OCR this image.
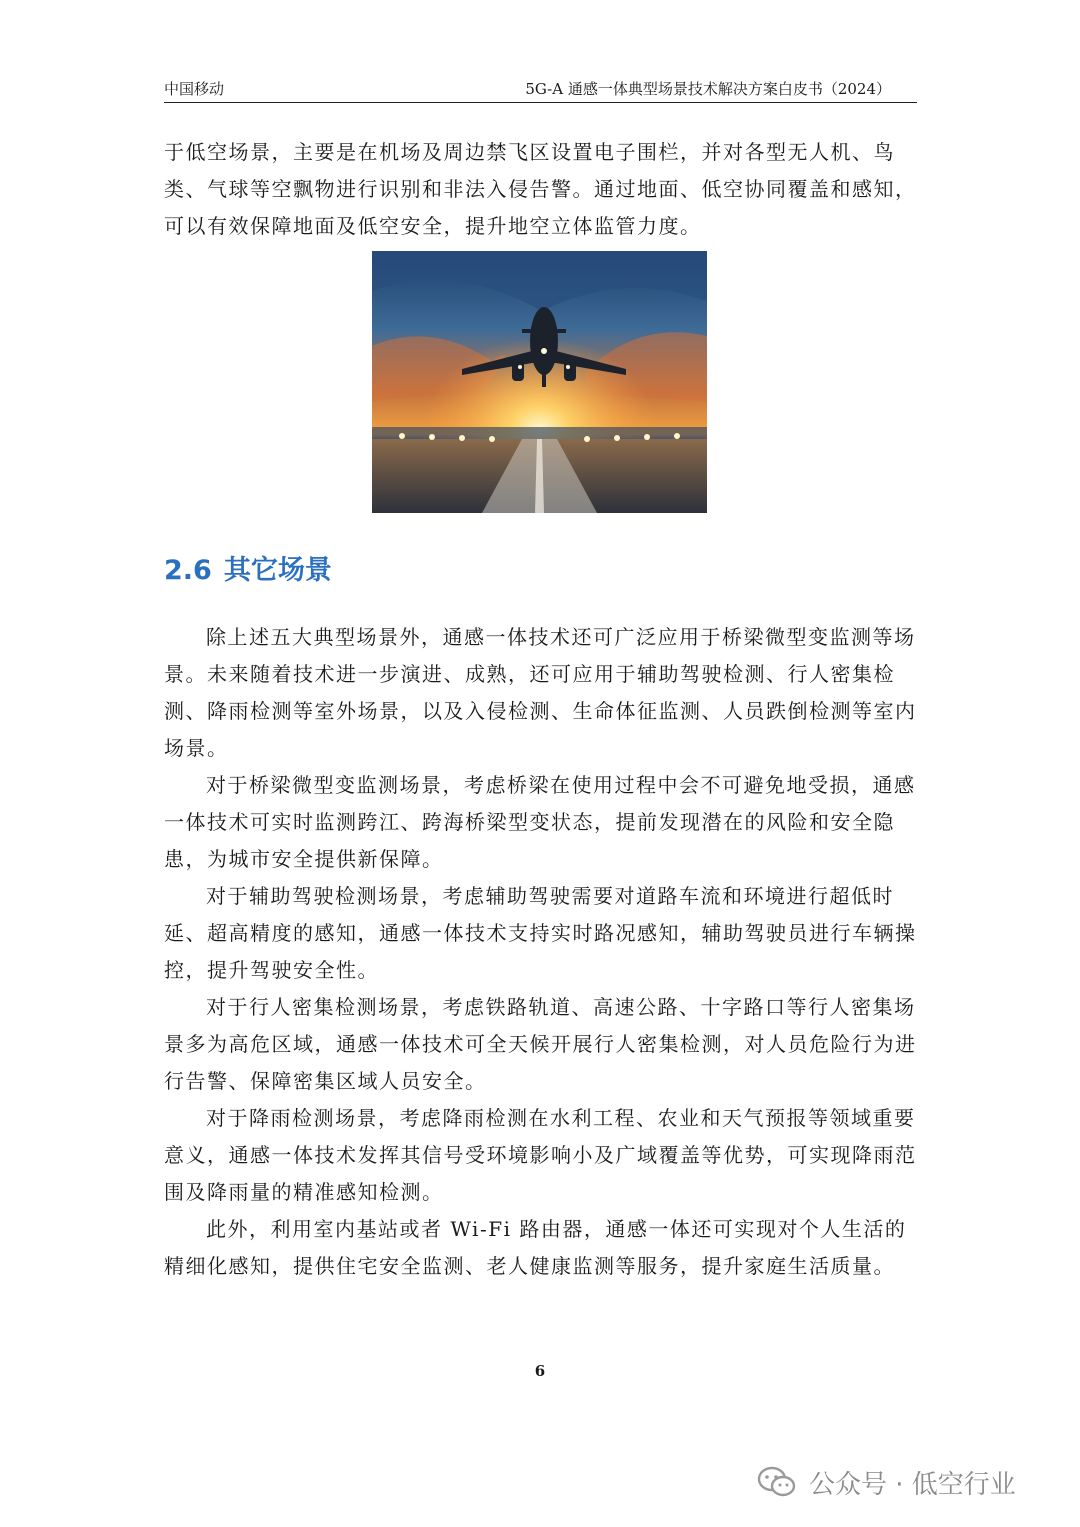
中国移动	5G-A 通感一体典型场景技术解决方案白皮书（2024）

于低空场景，主要是在机场及周边禁飞区设置电子围栏，并对各型无人机、鸟类、气球等空飘物进行识别和非法入侵告警。通过地面、低空协同覆盖和感知，可以有效保障地面及低空安全，提升地空立体监管力度。

2.6 其它场景

除上述五大典型场景外，通感一体技术还可广泛应用于桥梁微型变监测等场景。未来随着技术进一步演进、成熟，还可应用于辅助驾驶检测、行人密集检测、降雨检测等室外场景，以及入侵检测、生命体征监测、人员跌倒检测等室内场景。

对于桥梁微型变监测场景，考虑桥梁在使用过程中会不可避免地受损，通感一体技术可实时监测跨江、跨海桥梁型变状态，提前发现潜在的风险和安全隐患，为城市安全提供新保障。

对于辅助驾驶检测场景，考虑辅助驾驶需要对道路车流和环境进行超低时延、超高精度的感知，通感一体技术支持实时路况感知，辅助驾驶员进行车辆操控，提升驾驶安全性。

对于行人密集检测场景，考虑铁路轨道、高速公路、十字路口等行人密集场景多为高危区域，通感一体技术可全天候开展行人密集检测，对人员危险行为进行告警、保障密集区域人员安全。

对于降雨检测场景，考虑降雨检测在水利工程、农业和天气预报等领域重要意义，通感一体技术发挥其信号受环境影响小及广域覆盖等优势，可实现降雨范围及降雨量的精准感知检测。

此外，利用室内基站或者 Wi-Fi 路由器，通感一体还可实现对个人生活的精细化感知，提供住宅安全监测、老人健康监测等服务，提升家庭生活质量。

6
公众号 · 低空行业
